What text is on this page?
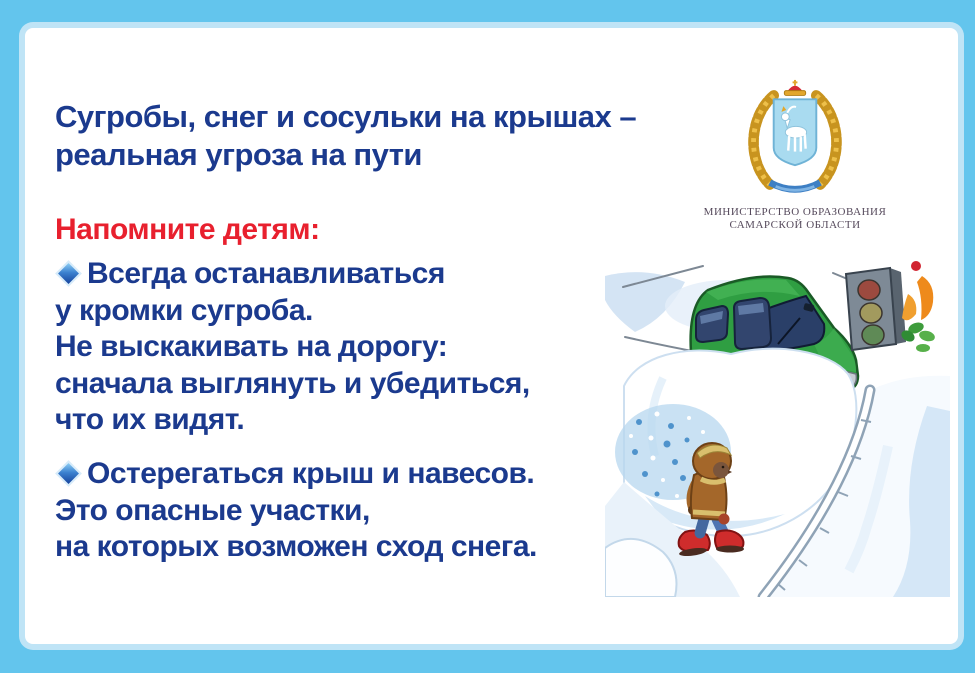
Сугробы, снег и сосульки на крышах –
реальная угроза на пути
Напомните детям:
Всегда останавливаться
у кромки сугроба.
Не выскакивать на дорогу:
сначала выглянуть и убедиться,
что их видят.
Остерегаться крыш и навесов.
Это опасные участки,
на которых возможен сход снега.
МИНИСТЕРСТВО ОБРАЗОВАНИЯ
САМАРСКОЙ ОБЛАСТИ
